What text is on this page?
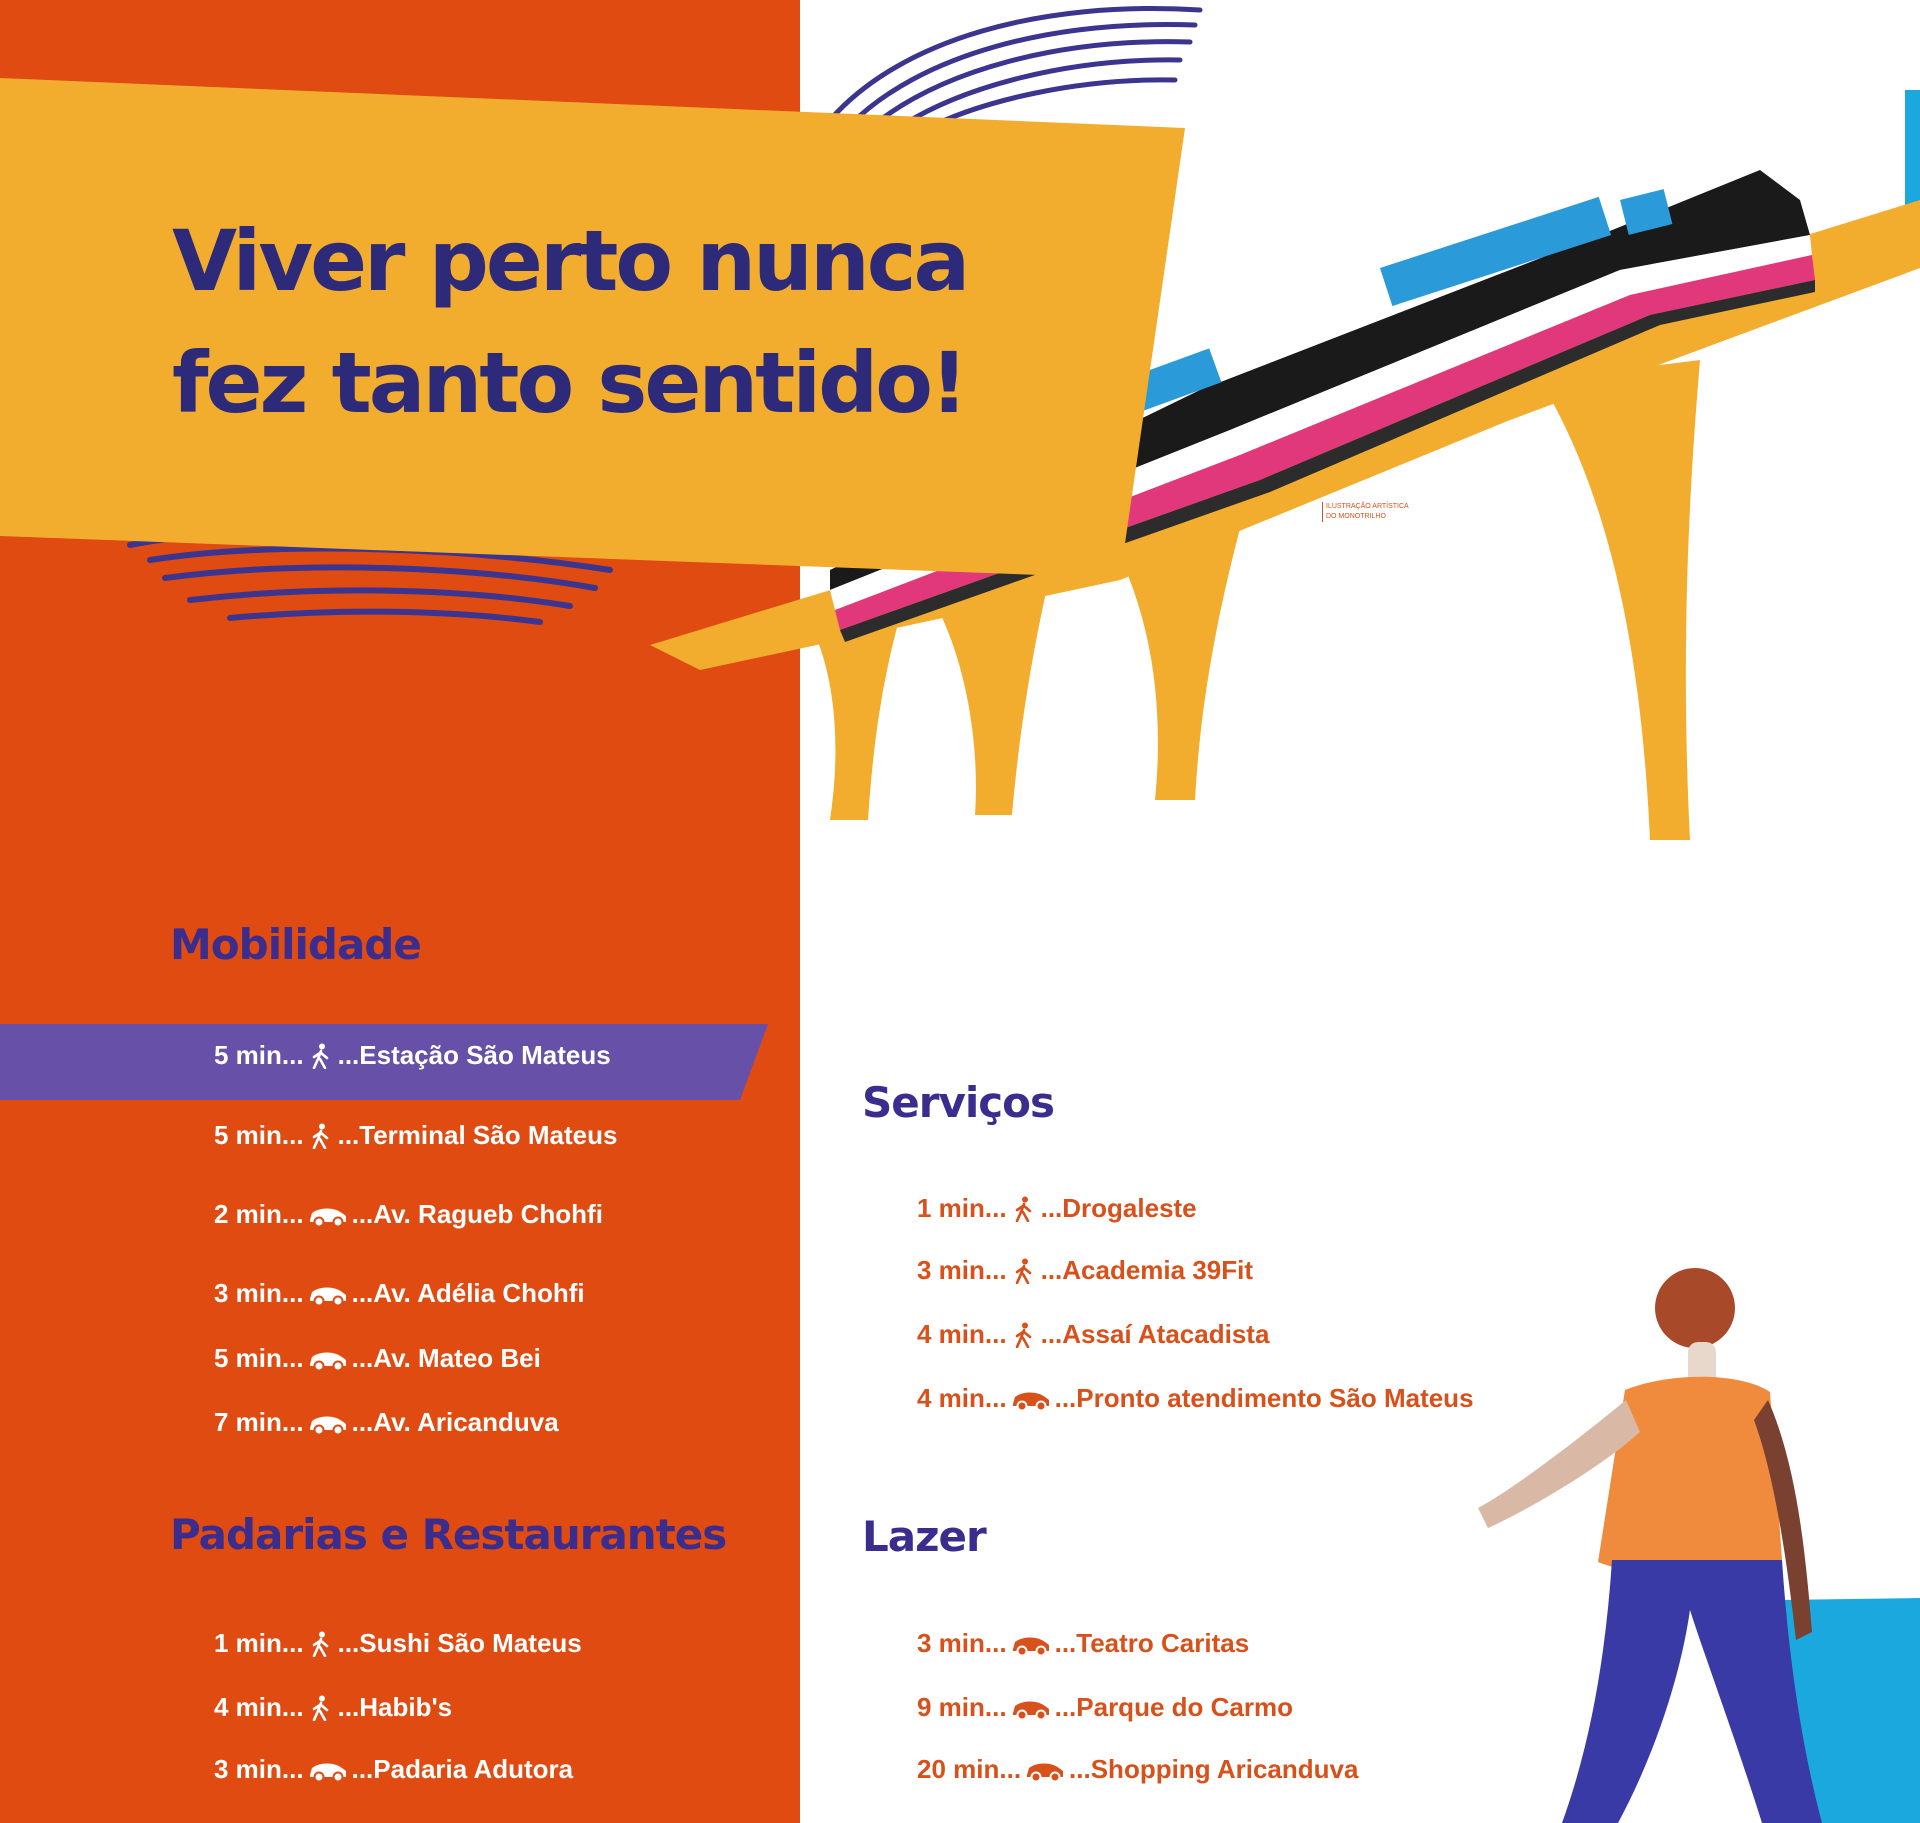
Viver perto nunca
fez tanto sentido!
ILUSTRAÇÃO ARTÍSTICA
DO MONOTRILHO
Mobilidade
5 min ... ... Estação São Mateus
5 min ... ... Terminal São Mateus
2 min ... ... Av. Ragueb Chohfi
3 min ... ... Av. Adélia Chohfi
5 min ... ... Av. Mateo Bei
7 min ... ... Av. Aricanduva
Padarias e Restaurantes
1 min ... ... Sushi São Mateus
4 min ... ... Habib's
3 min ... ... Padaria Adutora
Serviços
1 min ... ... Drogaleste
3 min ... ... Academia 39Fit
4 min ... ... Assaí Atacadista
4 min ... ... Pronto atendimento São Mateus
Lazer
3 min ... ... Teatro Caritas
9 min ... ... Parque do Carmo
20 min ... ... Shopping Aricanduva
